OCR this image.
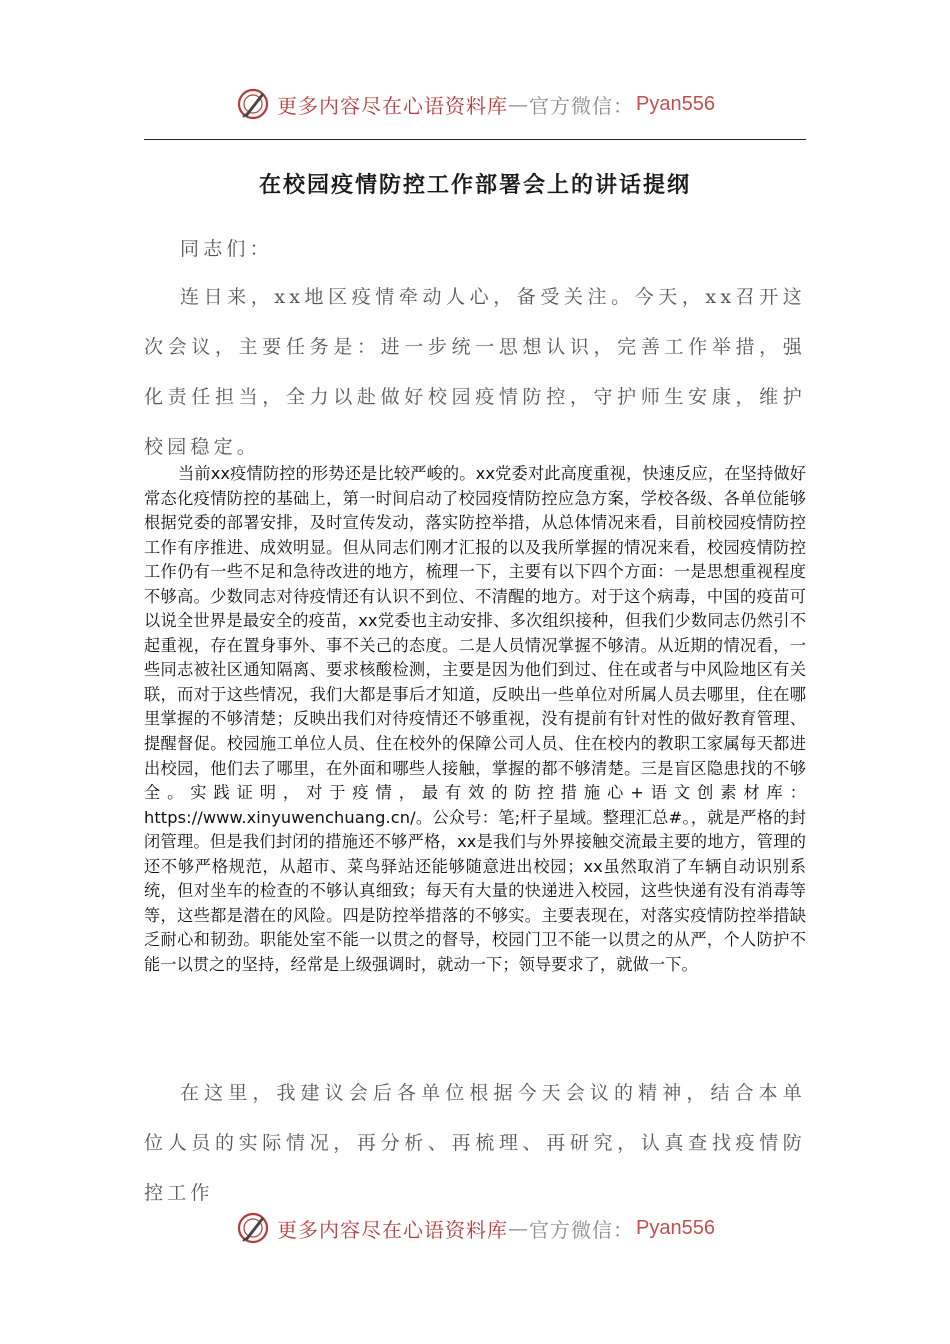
更多内容尽在心语资料库 — 官方微信： Pyan556
在校园疫情防控工作部署会上的讲话提纲

同志们：

连日来，xx地区疫情牵动人心，备受关注。今天，xx召开这次会议，主要任务是：进一步统一思想认识，完善工作举措，强化责任担当，全力以赴做好校园疫情防控，守护师生安康，维护校园稳定。

当前xx疫情防控的形势还是比较严峻的。xx党委对此高度重视，快速反应，在坚持做好常态化疫情防控的基础上，第一时间启动了校园疫情防控应急方案，学校各级、各单位能够根据党委的部署安排，及时宣传发动，落实防控举措，从总体情况来看，目前校园疫情防控工作有序推进、成效明显。但从同志们刚才汇报的以及我所掌握的情况来看，校园疫情防控工作仍有一些不足和急待改进的地方，梳理一下，主要有以下四个方面：一是思想重视程度不够高。少数同志对待疫情还有认识不到位、不清醒的地方。对于这个病毒，中国的疫苗可以说全世界是最安全的疫苗，xx党委也主动安排、多次组织接种，但我们少数同志仍然引不起重视，存在置身事外、事不关己的态度。二是人员情况掌握不够清。从近期的情况看，一些同志被社区通知隔离、要求核酸检测，主要是因为他们到过、住在或者与中风险地区有关联，而对于这些情况，我们大都是事后才知道，反映出一些单位对所属人员去哪里，住在哪里掌握的不够清楚；反映出我们对待疫情还不够重视，没有提前有针对性的做好教育管理、提醒督促。校园施工单位人员、住在校外的保障公司人员、住在校内的教职工家属每天都进出校园，他们去了哪里，在外面和哪些人接触，掌握的都不够清楚。三是盲区隐患找的不够全。实践证明，对于疫情，最有效的防控措施心+语文创素材库：https://www.xinyuwenchuang.cn/。公众号：笔;杆子星域。整理汇总#。，就是严格的封闭管理。但是我们封闭的措施还不够严格，xx是我们与外界接触交流最主要的地方，管理的还不够严格规范，从超市、菜鸟驿站还能够随意进出校园；xx虽然取消了车辆自动识别系统，但对坐车的检查的不够认真细致；每天有大量的快递进入校园，这些快递有没有消毒等等，这些都是潜在的风险。四是防控举措落的不够实。主要表现在，对落实疫情防控举措缺乏耐心和韧劲。职能处室不能一以贯之的督导，校园门卫不能一以贯之的从严，个人防护不能一以贯之的坚持，经常是上级强调时，就动一下；领导要求了，就做一下。

在这里，我建议会后各单位根据今天会议的精神，结合本单位人员的实际情况，再分析、再梳理、再研究，认真查找疫情防控工作

更多内容尽在心语资料库 — 官方微信： Pyan556
